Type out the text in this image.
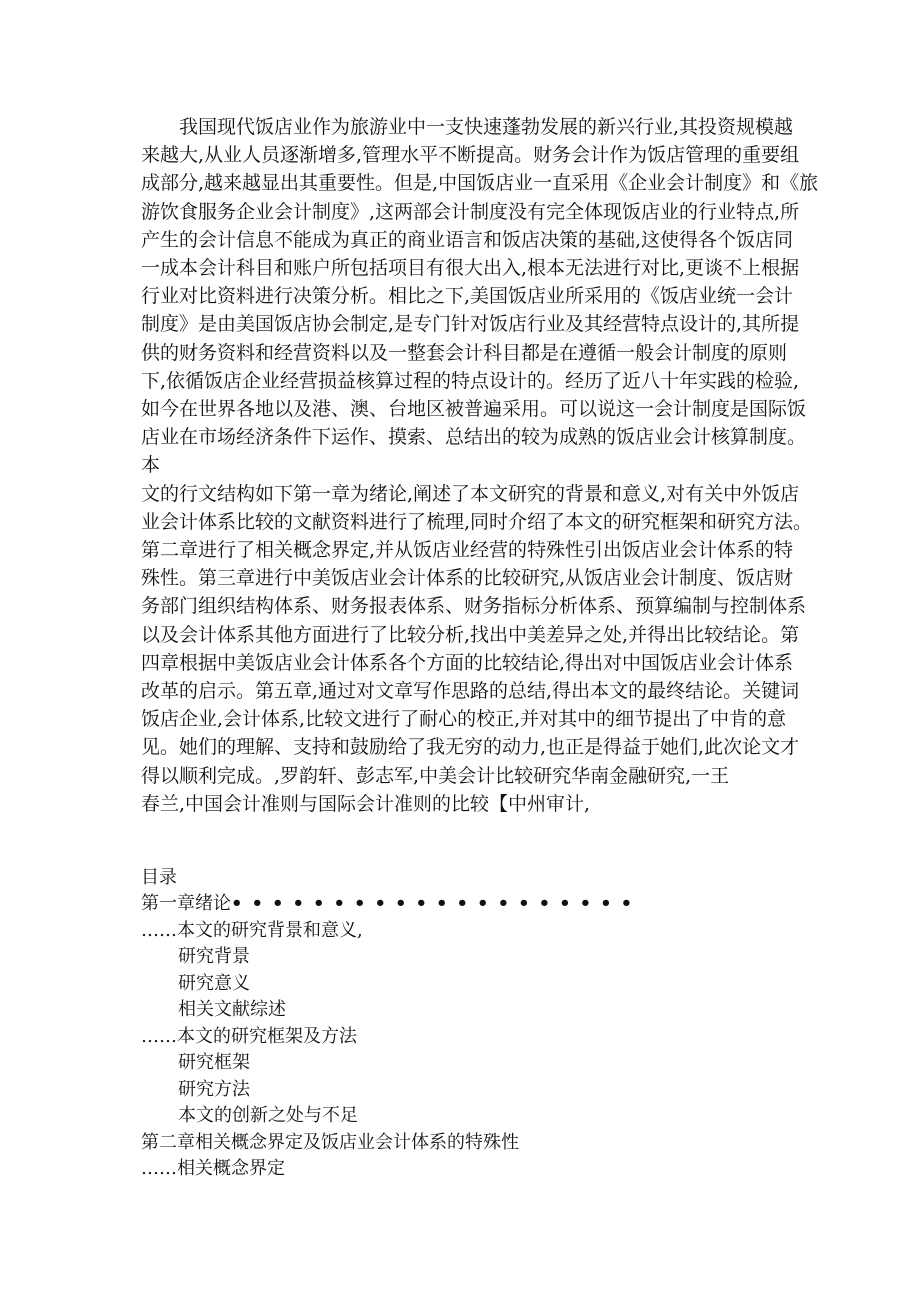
　　我国现代饭店业作为旅游业中一支快速蓬勃发展的新兴行业,其投资规模越
来越大,从业人员逐渐增多,管理水平不断提高。财务会计作为饭店管理的重要组
成部分,越来越显出其重要性。但是,中国饭店业一直采用《企业会计制度》和《旅
游饮食服务企业会计制度》,这两部会计制度没有完全体现饭店业的行业特点,所
产生的会计信息不能成为真正的商业语言和饭店决策的基础,这使得各个饭店同
一成本会计科目和账户所包括项目有很大出入,根本无法进行对比,更谈不上根据
行业对比资料进行决策分析。相比之下,美国饭店业所采用的《饭店业统一会计
制度》是由美国饭店协会制定,是专门针对饭店行业及其经营特点设计的,其所提
供的财务资料和经营资料以及一整套会计科目都是在遵循一般会计制度的原则
下,依循饭店企业经营损益核算过程的特点设计的。经历了近八十年实践的检验,
如今在世界各地以及港、澳、台地区被普遍采用。可以说这一会计制度是国际饭
店业在市场经济条件下运作、摸索、总结出的较为成熟的饭店业会计核算制度。
本
文的行文结构如下第一章为绪论,阐述了本文研究的背景和意义,对有关中外饭店
业会计体系比较的文献资料进行了梳理,同时介绍了本文的研究框架和研究方法。
第二章进行了相关概念界定,并从饭店业经营的特殊性引出饭店业会计体系的特
殊性。第三章进行中美饭店业会计体系的比较研究,从饭店业会计制度、饭店财
务部门组织结构体系、财务报表体系、财务指标分析体系、预算编制与控制体系
以及会计体系其他方面进行了比较分析,找出中美差异之处,并得出比较结论。第
四章根据中美饭店业会计体系各个方面的比较结论,得出对中国饭店业会计体系
改革的启示。第五章,通过对文章写作思路的总结,得出本文的最终结论。关键词
饭店企业,会计体系,比较文进行了耐心的校正,并对其中的细节提出了中肯的意
见。她们的理解、支持和鼓励给了我无穷的动力,也正是得益于她们,此次论文才
得以顺利完成。,罗韵轩、彭志军,中美会计比较研究华南金融研究,一王
春兰,中国会计准则与国际会计准则的比较【中州审计,
目录
第一章绪论••••••••••••••••••••
……本文的研究背景和意义,
研究背景
研究意义
相关文献综述
……本文的研究框架及方法
研究框架
研究方法
本文的创新之处与不足
第二章相关概念界定及饭店业会计体系的特殊性
……相关概念界定
